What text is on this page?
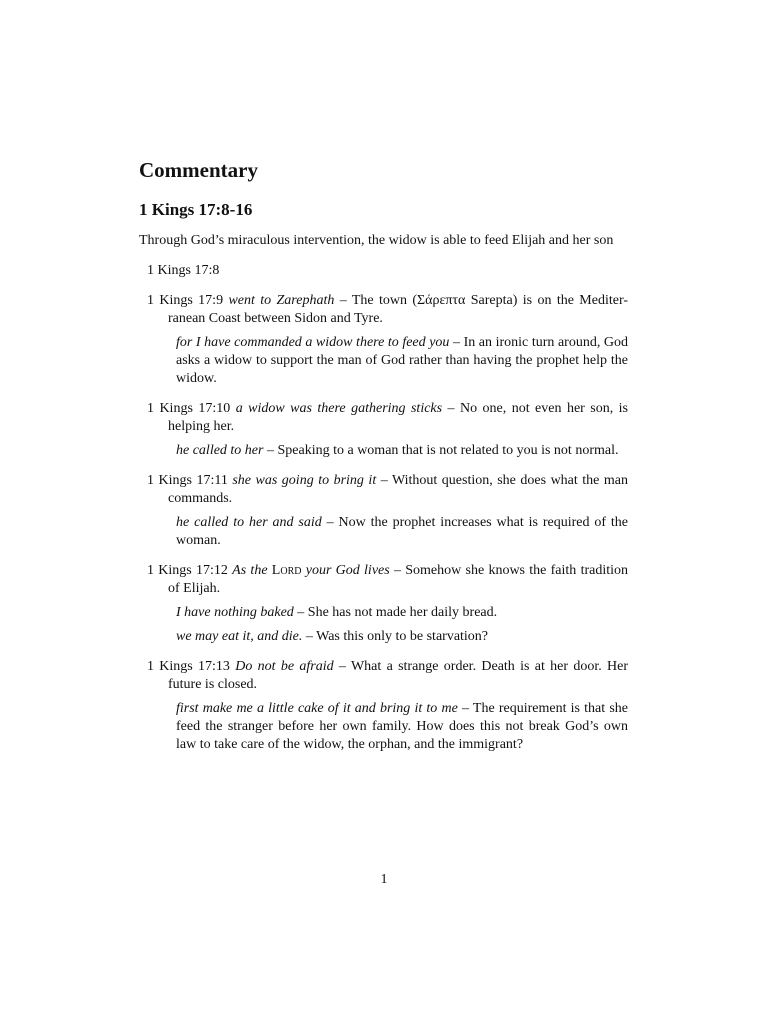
Commentary
1 Kings 17:8-16

Through God’s miraculous intervention, the widow is able to feed Elijah and her son

1 Kings 17:8

1 Kings 17:9 went to Zarephath – The town (Σάρεπτα Sarepta) is on the Mediter-ranean Coast between Sidon and Tyre.

for I have commanded a widow there to feed you – In an ironic turn around, God asks a widow to support the man of God rather than having the prophet help the widow.

1 Kings 17:10 a widow was there gathering sticks – No one, not even her son, is helping her.

he called to her – Speaking to a woman that is not related to you is not normal.

1 Kings 17:11 she was going to bring it – Without question, she does what the man commands.

he called to her and said – Now the prophet increases what is required of the woman.

1 Kings 17:12 As the Lord your God lives – Somehow she knows the faith tradition of Elijah.

I have nothing baked – She has not made her daily bread.

we may eat it, and die. – Was this only to be starvation?

1 Kings 17:13 Do not be afraid – What a strange order. Death is at her door. Her future is closed.

first make me a little cake of it and bring it to me – The requirement is that she feed the stranger before her own family. How does this not break God’s own law to take care of the widow, the orphan, and the immigrant?

1
